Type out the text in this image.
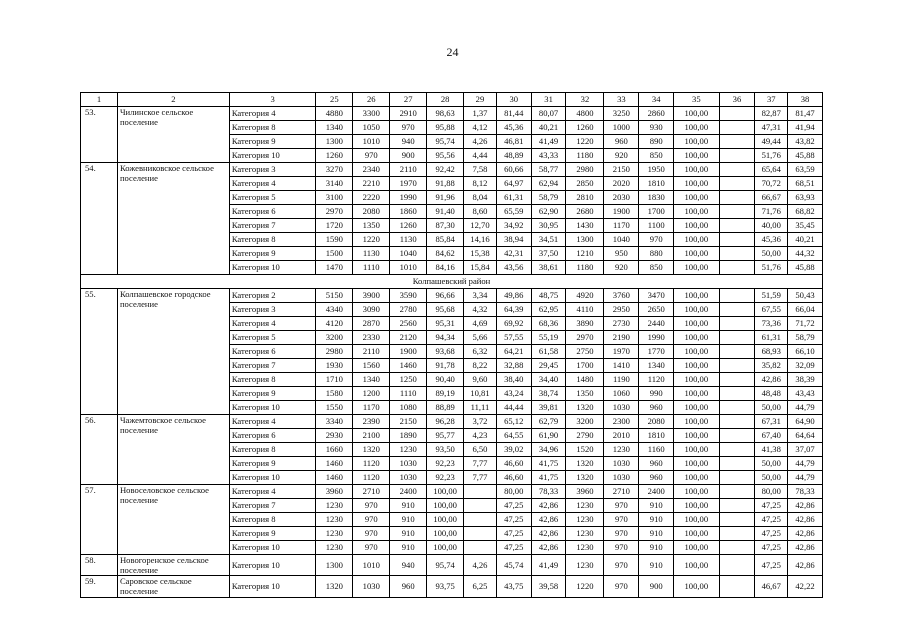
24
1	2	3	25	26	27	28	29	30	31	32	33	34	35	36	37	38
53.	Чилинское сельское поселение	Категория 4	4880	3300	2910	98,63	1,37	81,44	80,07	4800	3250	2860	100,00		82,87	81,47
		Категория 8	1340	1050	970	95,88	4,12	45,36	40,21	1260	1000	930	100,00		47,31	41,94
		Категория 9	1300	1010	940	95,74	4,26	46,81	41,49	1220	960	890	100,00		49,44	43,82
		Категория 10	1260	970	900	95,56	4,44	48,89	43,33	1180	920	850	100,00		51,76	45,88
54.	Кожевниковское сельское поселение	Категория 3	3270	2340	2110	92,42	7,58	60,66	58,77	2980	2150	1950	100,00		65,64	63,59
		Категория 4	3140	2210	1970	91,88	8,12	64,97	62,94	2850	2020	1810	100,00		70,72	68,51
		Категория 5	3100	2220	1990	91,96	8,04	61,31	58,79	2810	2030	1830	100,00		66,67	63,93
		Категория 6	2970	2080	1860	91,40	8,60	65,59	62,90	2680	1900	1700	100,00		71,76	68,82
		Категория 7	1720	1350	1260	87,30	12,70	34,92	30,95	1430	1170	1100	100,00		40,00	35,45
		Категория 8	1590	1220	1130	85,84	14,16	38,94	34,51	1300	1040	970	100,00		45,36	40,21
		Категория 9	1500	1130	1040	84,62	15,38	42,31	37,50	1210	950	880	100,00		50,00	44,32
		Категория 10	1470	1110	1010	84,16	15,84	43,56	38,61	1180	920	850	100,00		51,76	45,88
Колпашевский район																
55.	Колпашевское городское поселение	Категория 2	5150	3900	3590	96,66	3,34	49,86	48,75	4920	3760	3470	100,00		51,59	50,43
		Категория 3	4340	3090	2780	95,68	4,32	64,39	62,95	4110	2950	2650	100,00		67,55	66,04
		Категория 4	4120	2870	2560	95,31	4,69	69,92	68,36	3890	2730	2440	100,00		73,36	71,72
		Категория 5	3200	2330	2120	94,34	5,66	57,55	55,19	2970	2190	1990	100,00		61,31	58,79
		Категория 6	2980	2110	1900	93,68	6,32	64,21	61,58	2750	1970	1770	100,00		68,93	66,10
		Категория 7	1930	1560	1460	91,78	8,22	32,88	29,45	1700	1410	1340	100,00		35,82	32,09
		Категория 8	1710	1340	1250	90,40	9,60	38,40	34,40	1480	1190	1120	100,00		42,86	38,39
		Категория 9	1580	1200	1110	89,19	10,81	43,24	38,74	1350	1060	990	100,00		48,48	43,43
		Категория 10	1550	1170	1080	88,89	11,11	44,44	39,81	1320	1030	960	100,00		50,00	44,79
56.	Чажемтовское сельское поселение	Категория 4	3340	2390	2150	96,28	3,72	65,12	62,79	3200	2300	2080	100,00		67,31	64,90
		Категория 6	2930	2100	1890	95,77	4,23	64,55	61,90	2790	2010	1810	100,00		67,40	64,64
		Категория 8	1660	1320	1230	93,50	6,50	39,02	34,96	1520	1230	1160	100,00		41,38	37,07
		Категория 9	1460	1120	1030	92,23	7,77	46,60	41,75	1320	1030	960	100,00		50,00	44,79
		Категория 10	1460	1120	1030	92,23	7,77	46,60	41,75	1320	1030	960	100,00		50,00	44,79
57.	Новоселовское сельское поселение	Категория 4	3960	2710	2400	100,00		80,00	78,33	3960	2710	2400	100,00		80,00	78,33
		Категория 7	1230	970	910	100,00		47,25	42,86	1230	970	910	100,00		47,25	42,86
		Категория 8	1230	970	910	100,00		47,25	42,86	1230	970	910	100,00		47,25	42,86
		Категория 9	1230	970	910	100,00		47,25	42,86	1230	970	910	100,00		47,25	42,86
		Категория 10	1230	970	910	100,00		47,25	42,86	1230	970	910	100,00		47,25	42,86
58.	Новогоренское сельское поселение	Категория 10	1300	1010	940	95,74	4,26	45,74	41,49	1230	970	910	100,00		47,25	42,86
59.	Саровское сельское поселение	Категория 10	1320	1030	960	93,75	6,25	43,75	39,58	1220	970	900	100,00		46,67	42,22
